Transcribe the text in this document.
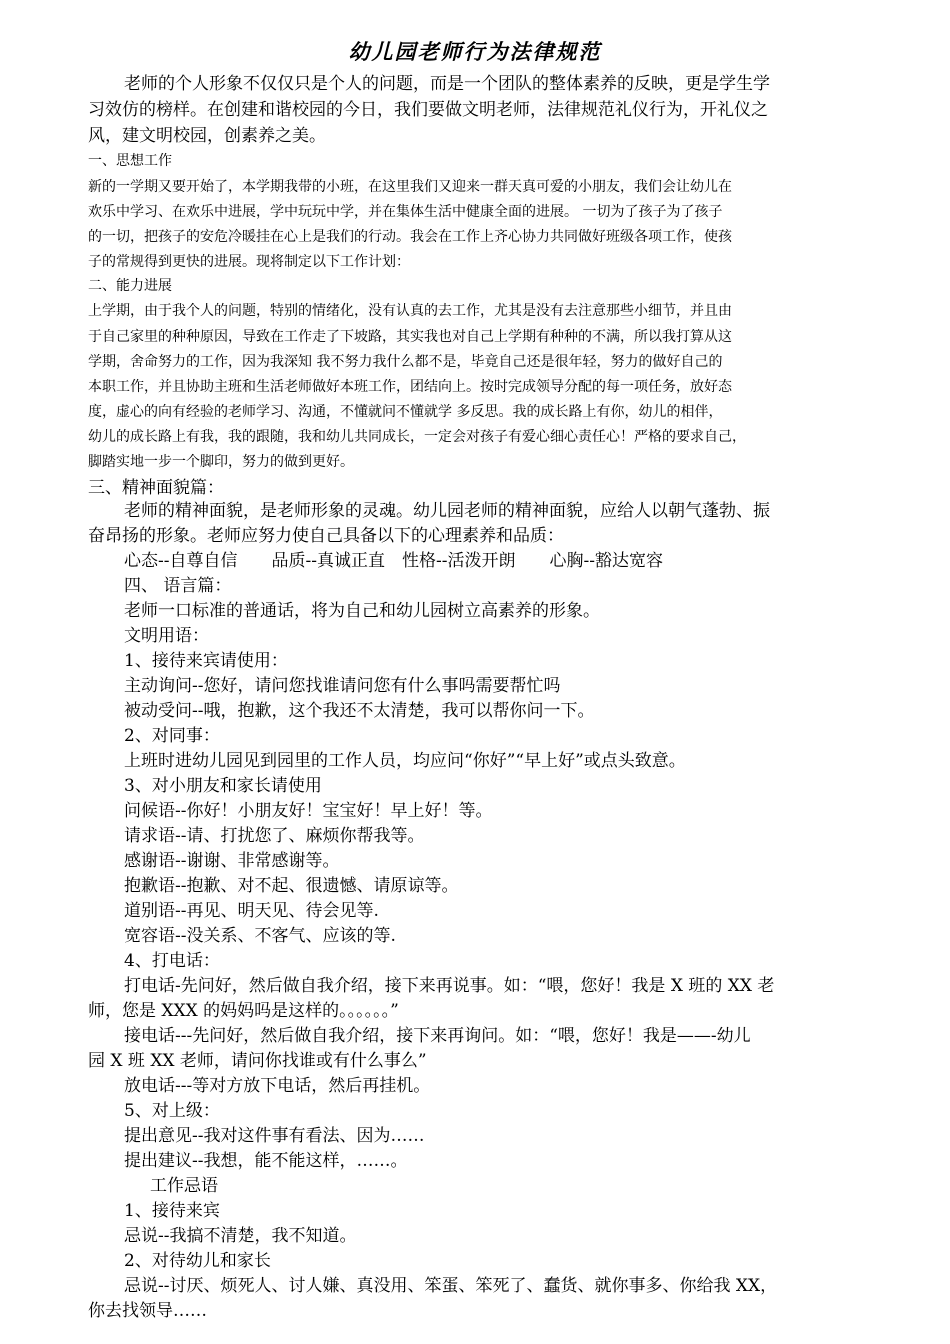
幼儿园老师行为法律规范
老师的个人形象不仅仅只是个人的问题，而是一个团队的整体素养的反映，更是学生学
习效仿的榜样。在创建和谐校园的今日，我们要做文明老师，法律规范礼仪行为，开礼仪之
风，建文明校园，创素养之美。
一、思想工作
新的一学期又要开始了，本学期我带的小班，在这里我们又迎来一群天真可爱的小朋友，我们会让幼儿在
欢乐中学习、在欢乐中进展，学中玩玩中学，并在集体生活中健康全面的进展。 一切为了孩子为了孩子
的一切，把孩子的安危冷暖挂在心上是我们的行动。我会在工作上齐心协力共同做好班级各项工作，使孩
子的常规得到更快的进展。现将制定以下工作计划：
二、能力进展
上学期，由于我个人的问题，特别的情绪化，没有认真的去工作，尤其是没有去注意那些小细节，并且由
于自己家里的种种原因，导致在工作走了下坡路，其实我也对自己上学期有种种的不满，所以我打算从这
学期，舍命努力的工作，因为我深知 我不努力我什么都不是，毕竟自己还是很年轻，努力的做好自己的
本职工作，并且协助主班和生活老师做好本班工作，团结向上。按时完成领导分配的每一项任务，放好态
度，虚心的向有经验的老师学习、沟通，不懂就问不懂就学 多反思。我的成长路上有你，幼儿的相伴，
幼儿的成长路上有我，我的跟随，我和幼儿共同成长，一定会对孩子有爱心细心责任心！严格的要求自己，
脚踏实地一步一个脚印，努力的做到更好。
三、精神面貌篇：
老师的精神面貌，是老师形象的灵魂。幼儿园老师的精神面貌，应给人以朝气蓬勃、振
奋昂扬的形象。老师应努力使自己具备以下的心理素养和品质：
心态--自尊自信　　品质--真诚正直　性格--活泼开朗　　心胸--豁达宽容
四、 语言篇：
老师一口标准的普通话，将为自己和幼儿园树立高素养的形象。
文明用语：
1、接待来宾请使用：
主动询问--您好，请问您找谁请问您有什么事吗需要帮忙吗
被动受问--哦，抱歉，这个我还不太清楚，我可以帮你问一下。
2、对同事：
上班时进幼儿园见到园里的工作人员，均应问“你好”“早上好”或点头致意。
3、对小朋友和家长请使用
问候语--你好！小朋友好！宝宝好！早上好！等。
请求语--请、打扰您了、麻烦你帮我等。
感谢语--谢谢、非常感谢等。
抱歉语--抱歉、对不起、很遗憾、请原谅等。
道别语--再见、明天见、待会见等.
宽容语--没关系、不客气、应该的等.
4、打电话：
打电话-先问好，然后做自我介绍，接下来再说事。如：“喂，您好！我是 X 班的 XX 老
师，您是 XXX 的妈妈吗是这样的。。。。。。”
接电话---先问好，然后做自我介绍，接下来再询问。如：“喂，您好！我是——-幼儿
园 X 班 XX 老师，请问你找谁或有什么事么”
放电话---等对方放下电话，然后再挂机。
5、对上级：
提出意见--我对这件事有看法、因为……
提出建议--我想，能不能这样，……。
工作忌语
1、接待来宾
忌说--我搞不清楚，我不知道。
2、对待幼儿和家长
忌说--讨厌、烦死人、讨人嫌、真没用、笨蛋、笨死了、蠢货、就你事多、你给我 XX，
你去找领导……
